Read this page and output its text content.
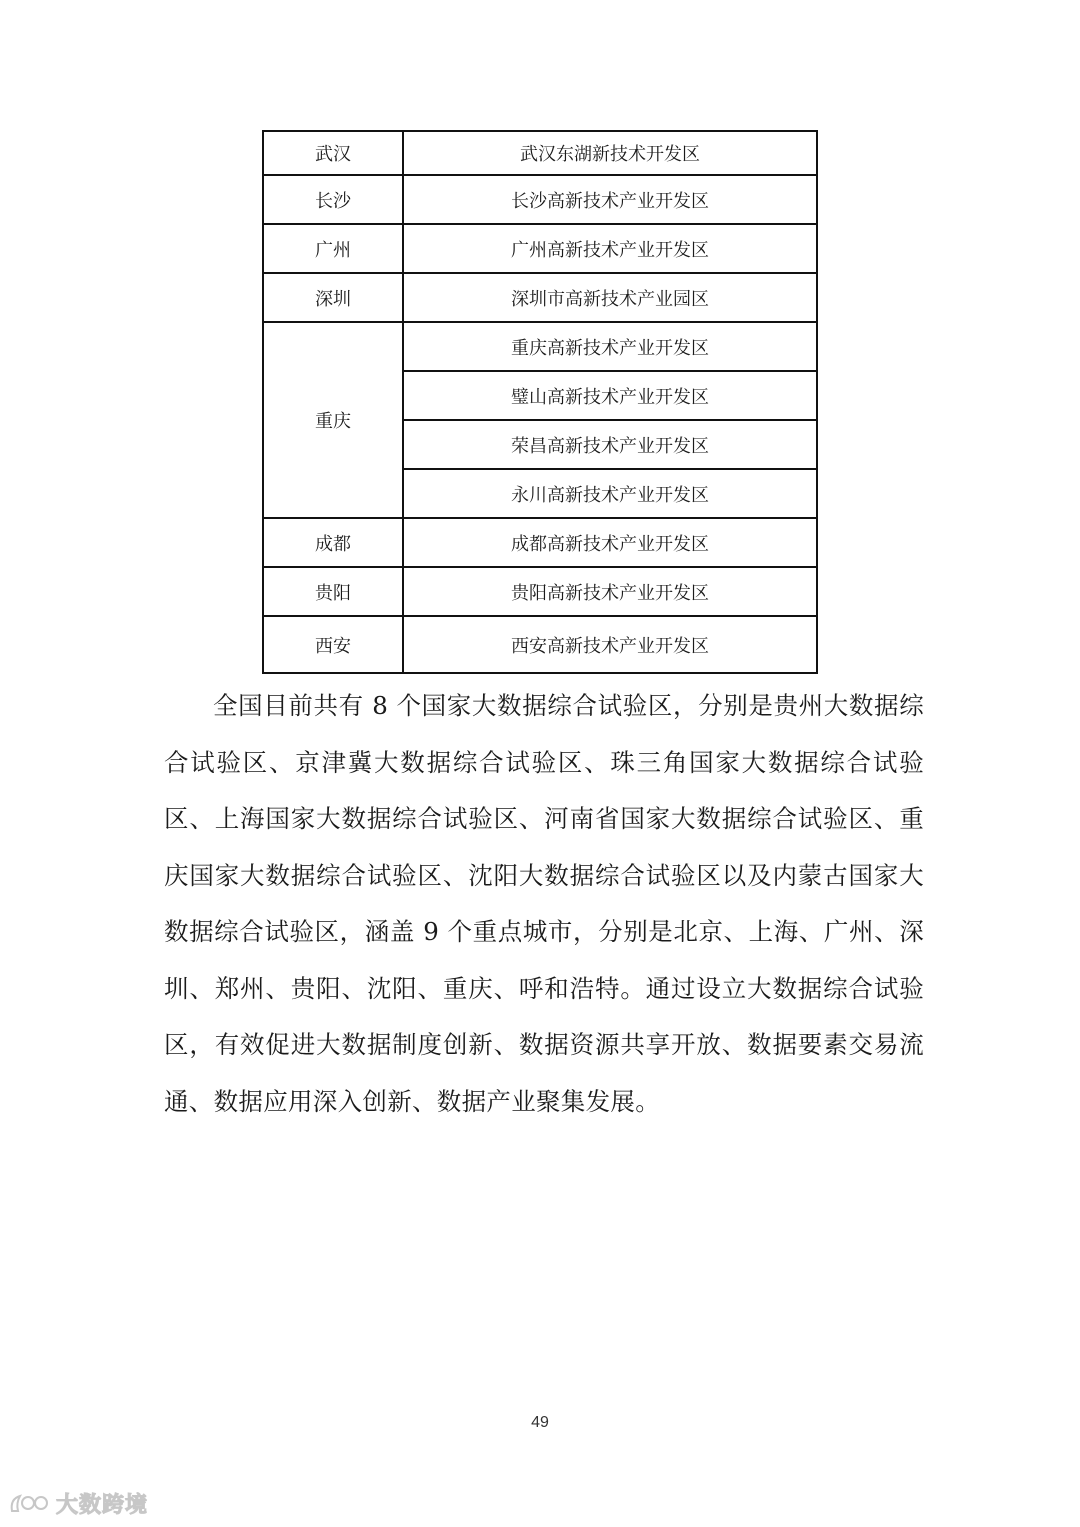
武汉	武汉东湖新技术开发区
长沙	长沙高新技术产业开发区
广州	广州高新技术产业开发区
深圳	深圳市高新技术产业园区
重庆	重庆高新技术产业开发区
	璧山高新技术产业开发区
	荣昌高新技术产业开发区
	永川高新技术产业开发区
成都	成都高新技术产业开发区
贵阳	贵阳高新技术产业开发区
西安	西安高新技术产业开发区

全国目前共有 8 个国家大数据综合试验区，分别是贵州大数据综合试验区、京津冀大数据综合试验区、珠三角国家大数据综合试验区、上海国家大数据综合试验区、河南省国家大数据综合试验区、重庆国家大数据综合试验区、沈阳大数据综合试验区以及内蒙古国家大数据综合试验区，涵盖 9 个重点城市，分别是北京、上海、广州、深圳、郑州、贵阳、沈阳、重庆、呼和浩特。通过设立大数据综合试验区，有效促进大数据制度创新、数据资源共享开放、数据要素交易流通、数据应用深入创新、数据产业聚集发展。

49
大数跨境
